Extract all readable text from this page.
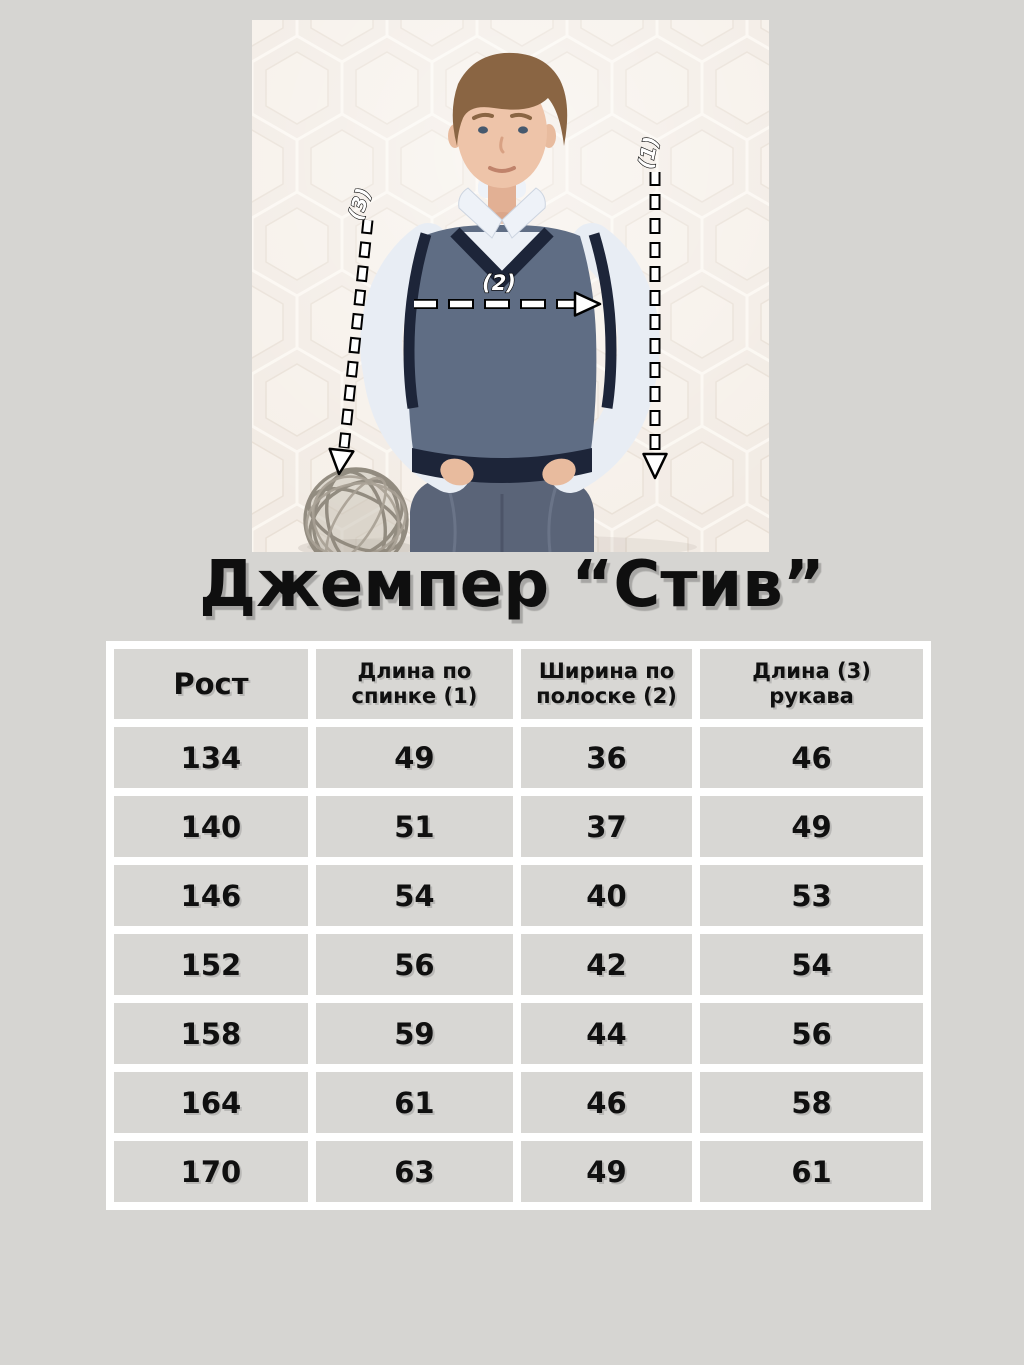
(3)
(2)
(1)
Джемпер “Стив”
Рост	Длина по спинке (1)	Ширина по полоске (2)	Длина (3) рукава
134	49	36	46
140	51	37	49
146	54	40	53
152	56	42	54
158	59	44	56
164	61	46	58
170	63	49	61
